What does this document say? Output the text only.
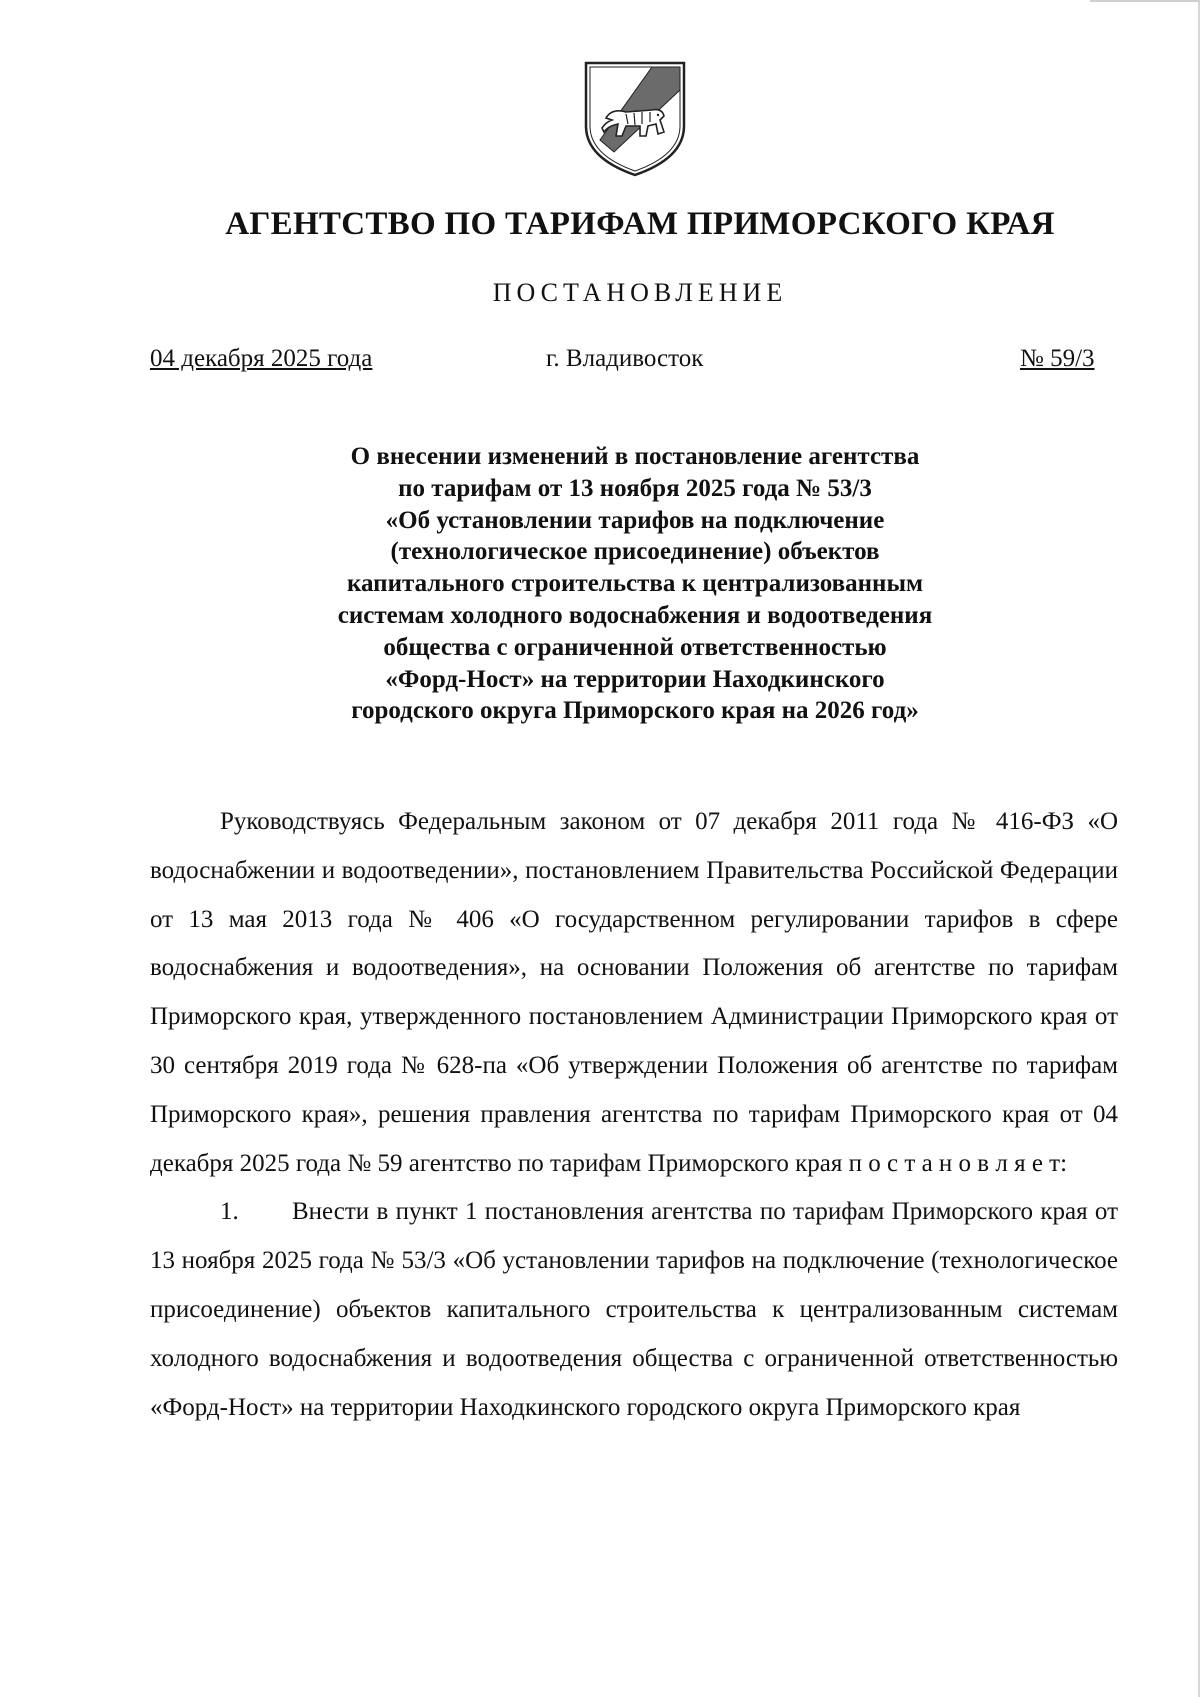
АГЕНТСТВО ПО ТАРИФАМ ПРИМОРСКОГО КРАЯ
ПОСТАНОВЛЕНИЕ
04 декабря 2025 года	г. Владивосток	№ 59/3
О внесении изменений в постановление агентства
по тарифам от 13 ноября 2025 года № 53/3
«Об установлении тарифов на подключение
(технологическое присоединение) объектов
капитального строительства к централизованным
системам холодного водоснабжения и водоотведения
общества с ограниченной ответственностью
«Форд-Ност» на территории Находкинского
городского округа Приморского края на 2026 год»

Руководствуясь Федеральным законом от 07 декабря 2011 года № 416-ФЗ «О водоснабжении и водоотведении», постановлением Правительства Российской Федерации от 13 мая 2013 года № 406 «О государственном регулировании тарифов в сфере водоснабжения и водоотведения», на основании Положения об агентстве по тарифам Приморского края, утвержденного постановлением Администрации Приморского края от 30 сентября 2019 года № 628-па «Об утверждении Положения об агентстве по тарифам Приморского края», решения правления агентства по тарифам Приморского края от 04 декабря 2025 года № 59 агентство по тарифам Приморского края п о с т а н о в л я е т:

1. Внести в пункт 1 постановления агентства по тарифам Приморского края от 13 ноября 2025 года № 53/3 «Об установлении тарифов на подключение (технологическое присоединение) объектов капитального строительства к централизованным системам холодного водоснабжения и водоотведения общества с ограниченной ответственностью «Форд-Ност» на территории Находкинского городского округа Приморского края
